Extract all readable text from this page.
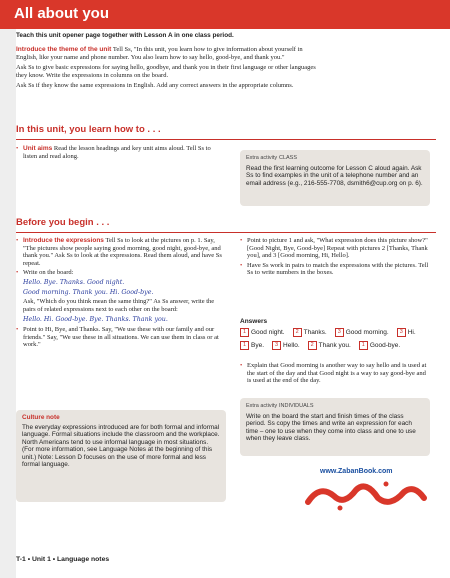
All about you
Teach this unit opener page together with Lesson A in one class period.

Introduce the theme of the unit Tell Ss, "In this unit, you learn how to give information about yourself in English, like your name and phone number. You also learn how to say hello, good-bye, and thank you."

Ask Ss to give basic expressions for saying hello, goodbye, and thank you in their first language or other languages they know. Write the expressions in columns on the board.

Ask Ss if they know the same expressions in English. Add any correct answers in the appropriate columns.

In this unit, you learn how to . . .
• Unit aims Read the lesson headings and key unit aims aloud. Tell Ss to listen and read along.	Extra activity CLASS
Read the first learning outcome for Lesson C aloud again. Ask Ss to find examples in the unit of a telephone number and an email address (e.g., 216-555-7708, dsmith6@cup.org on p. 6).
Before you begin . . .
• Introduce the expressions Tell Ss to look at the pictures on p. 1. Say, "The pictures show people saying good morning, good night, good-bye, and thank you." Ask Ss to look at the expressions. Read them aloud, and have Ss repeat.
• Write on the board:
Hello. Bye. Thanks. Good night.
Good morning. Thank you. Hi. Good-bye.

Ask, "Which do you think mean the same thing?" As Ss answer, write the pairs of related expressions next to each other on the board:

Hello. Hi. Good-bye. Bye. Thanks. Thank you.
• Point to Hi, Bye, and Thanks. Say, "We use these with our family and our friends." Say, "We use these in all situations. We can use them in class or at work."
Culture note
The everyday expressions introduced are for both formal and informal language. Formal situations include the classroom and the workplace. North Americans tend to use informal language in most situations. (For more information, see Language Notes at the beginning of this unit.) Note: Lesson D focuses on the use of more formal and less formal language.
• Point to picture 1 and ask, "What expression does this picture show?" [Good Night, Bye, Good-bye] Repeat with pictures 2 [Thanks, Thank you], and 3 [Good morning, Hi, Hello].
• Have Ss work in pairs to match the expressions with the pictures. Tell Ss to write numbers in the boxes.
Answers
1 Good night.	2 Thanks.	3 Good morning.	3 Hi.
1 Bye.	3 Hello.	2 Thank you.	1 Good-bye.
• Explain that Good morning is another way to say hello and is used at the start of the day and that Good night is a way to say good-bye and is used at the end of the day.
Extra activity INDIVIDUALS
Write on the board the start and finish times of the class period. Ss copy the times and write an expression for each time – one to use when they come into class and one to use when they leave class.
www.ZabanBook.com
T-1 • Unit 1 • Language notes
